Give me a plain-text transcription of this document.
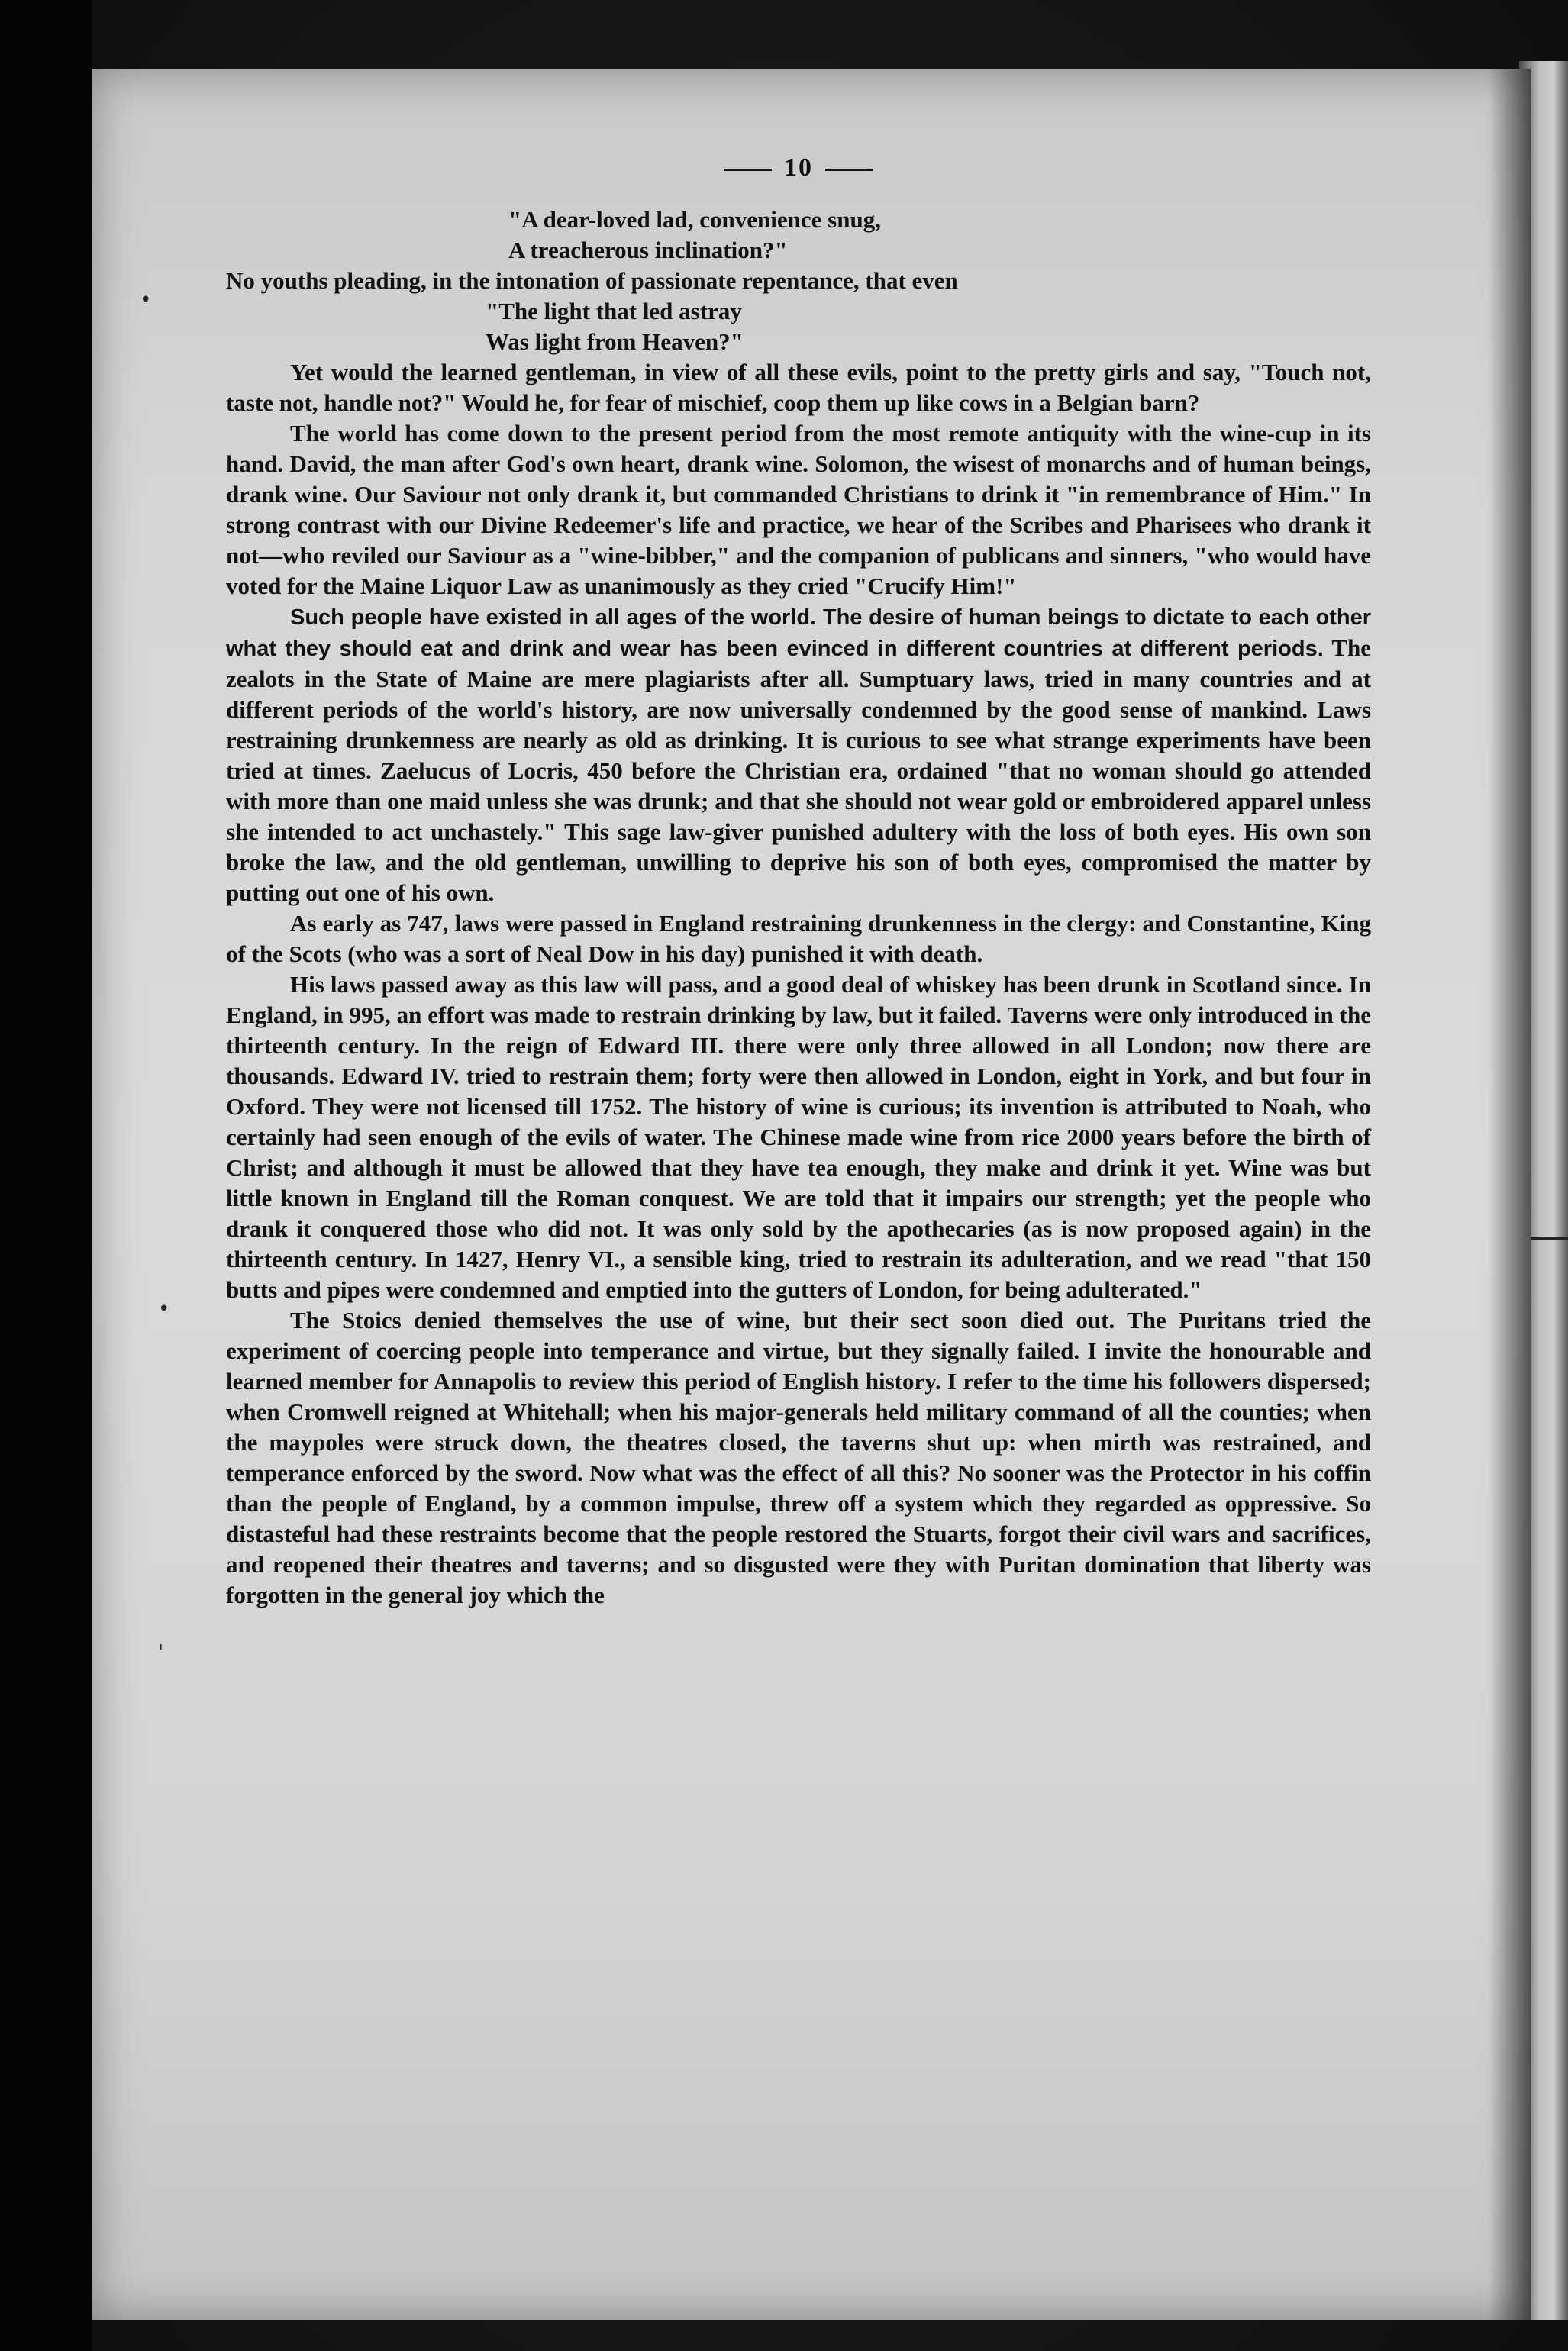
•
•
'
10

"A dear-loved lad, convenience snug,

A treacherous inclination?"

No youths pleading, in the intonation of passionate repentance, that even

"The light that led astray

Was light from Heaven?"

Yet would the learned gentleman, in view of all these evils, point to the pretty girls and say, "Touch not, taste not, handle not?" Would he, for fear of mischief, coop them up like cows in a Belgian barn?

The world has come down to the present period from the most remote antiquity with the wine-cup in its hand. David, the man after God's own heart, drank wine. Solomon, the wisest of monarchs and of human beings, drank wine. Our Saviour not only drank it, but commanded Christians to drink it "in remembrance of Him." In strong contrast with our Divine Redeemer's life and practice, we hear of the Scribes and Pharisees who drank it not—who reviled our Saviour as a "wine-bibber," and the companion of publicans and sinners, "who would have voted for the Maine Liquor Law as unanimously as they cried "Crucify Him!"

Such people have existed in all ages of the world. The desire of human beings to dictate to each other what they should eat and drink and wear has been evinced in different countries at different periods. The zealots in the State of Maine are mere plagiarists after all. Sumptuary laws, tried in many countries and at different periods of the world's history, are now universally condemned by the good sense of mankind. Laws restraining drunkenness are nearly as old as drinking. It is curious to see what strange experiments have been tried at times. Zaelucus of Locris, 450 before the Christian era, ordained "that no woman should go attended with more than one maid unless she was drunk; and that she should not wear gold or embroidered apparel unless she intended to act unchastely." This sage law-giver punished adultery with the loss of both eyes. His own son broke the law, and the old gentleman, unwilling to deprive his son of both eyes, compromised the matter by putting out one of his own.

As early as 747, laws were passed in England restraining drunkenness in the clergy: and Constantine, King of the Scots (who was a sort of Neal Dow in his day) punished it with death.

His laws passed away as this law will pass, and a good deal of whiskey has been drunk in Scotland since. In England, in 995, an effort was made to restrain drinking by law, but it failed. Taverns were only introduced in the thirteenth century. In the reign of Edward III. there were only three allowed in all London; now there are thousands. Edward IV. tried to restrain them; forty were then allowed in London, eight in York, and but four in Oxford. They were not licensed till 1752. The history of wine is curious; its invention is attributed to Noah, who certainly had seen enough of the evils of water. The Chinese made wine from rice 2000 years before the birth of Christ; and although it must be allowed that they have tea enough, they make and drink it yet. Wine was but little known in England till the Roman conquest. We are told that it impairs our strength; yet the people who drank it conquered those who did not. It was only sold by the apothecaries (as is now proposed again) in the thirteenth century. In 1427, Henry VI., a sensible king, tried to restrain its adulteration, and we read "that 150 butts and pipes were condemned and emptied into the gutters of London, for being adulterated."

The Stoics denied themselves the use of wine, but their sect soon died out. The Puritans tried the experiment of coercing people into temperance and virtue, but they signally failed. I invite the honourable and learned member for Annapolis to review this period of English history. I refer to the time his followers dispersed; when Cromwell reigned at Whitehall; when his major-generals held military command of all the counties; when the maypoles were struck down, the theatres closed, the taverns shut up: when mirth was restrained, and temperance enforced by the sword. Now what was the effect of all this? No sooner was the Protector in his coffin than the people of England, by a common impulse, threw off a system which they regarded as oppressive. So distasteful had these restraints become that the people restored the Stuarts, forgot their civil wars and sacrifices, and reopened their theatres and taverns; and so disgusted were they with Puritan domination that liberty was forgotten in the general joy which the
